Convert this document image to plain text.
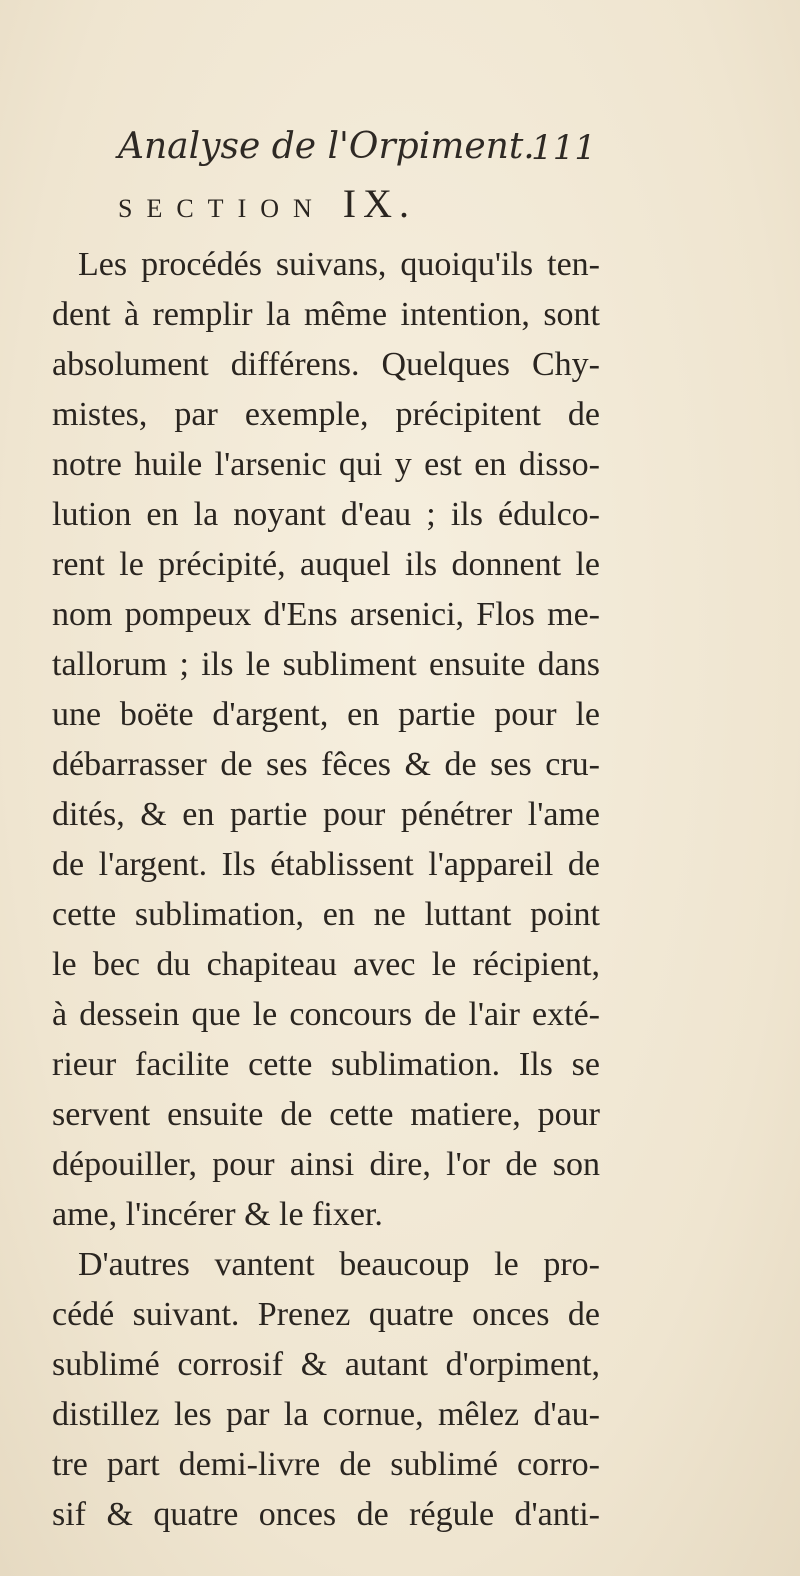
Analyse de l'Orpiment.
111
SECTION IX.
Les procédés suivans, quoiqu'ils ten-
dent à remplir la même intention, sont
absolument différens. Quelques Chy-
mistes, par exemple, précipitent de
notre huile l'arsenic qui y est en disso-
lution en la noyant d'eau ; ils édulco-
rent le précipité, auquel ils donnent le
nom pompeux d'Ens arsenici, Flos me-
tallorum ; ils le subliment ensuite dans
une boëte d'argent, en partie pour le
débarrasser de ses fêces & de ses cru-
dités, & en partie pour pénétrer l'ame
de l'argent. Ils établissent l'appareil de
cette sublimation, en ne luttant point
le bec du chapiteau avec le récipient,
à dessein que le concours de l'air exté-
rieur facilite cette sublimation. Ils se
servent ensuite de cette matiere, pour
dépouiller, pour ainsi dire, l'or de son
ame, l'incérer & le fixer.
D'autres vantent beaucoup le pro-
cédé suivant. Prenez quatre onces de
sublimé corrosif & autant d'orpiment,
distillez les par la cornue, mêlez d'au-
tre part demi-livre de sublimé corro-
sif & quatre onces de régule d'anti-
